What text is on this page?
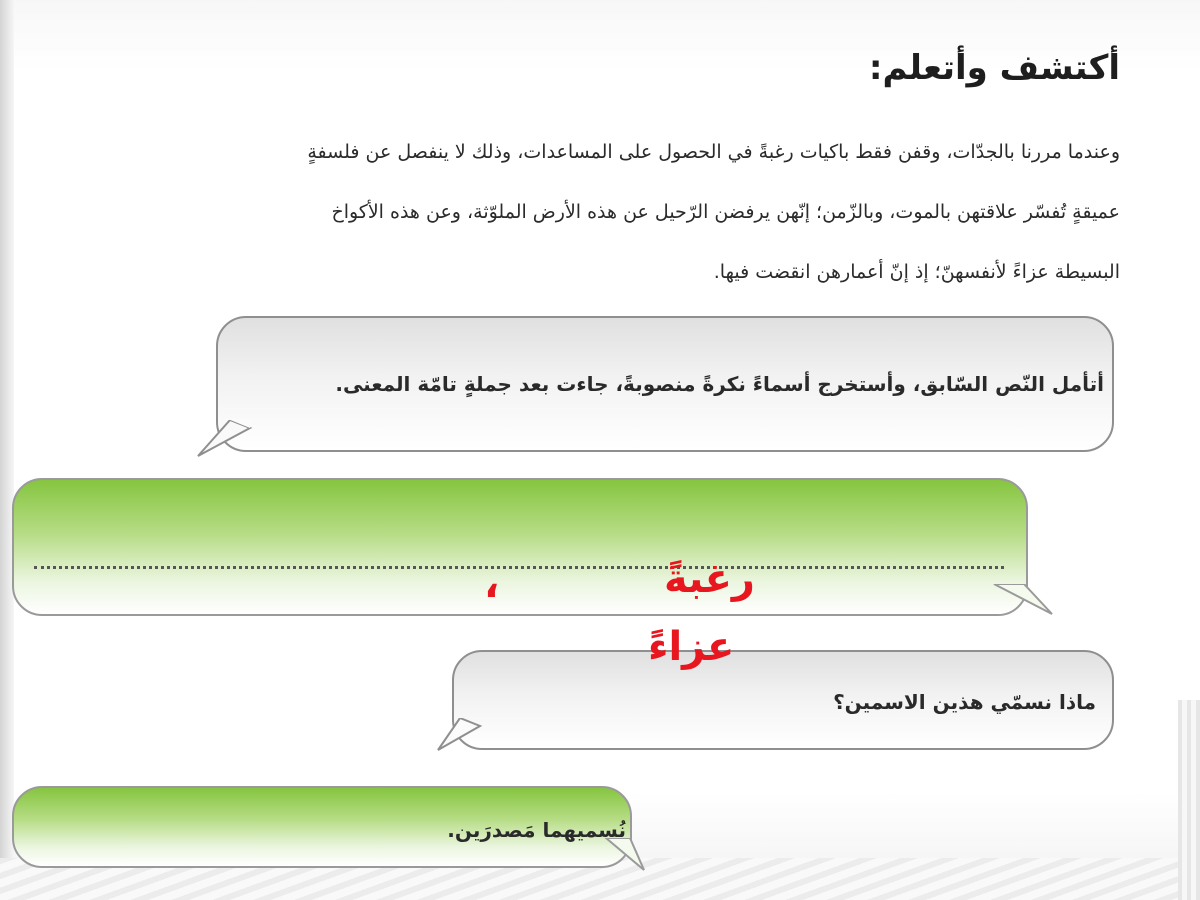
أكتشف وأتعلم:
وعندما مررنا بالجدّات، وقفن فقط باكيات رغبةً في الحصول على المساعدات، وذلك لا ينفصل عن فلسفةٍ
عميقةٍ تُفسّر علاقتهن بالموت، وبالزّمن؛ إنّهن يرفضن الرّحيل عن هذه الأرض الملوّثة، وعن هذه الأكواخ
البسيطة عزاءً لأنفسهنّ؛ إذ إنّ أعمارهن انقضت فيها.
أتأمل النّص السّابق، وأستخرج أسماءً نكرةً منصوبةً، جاءت بعد جملةٍ تامّة المعنى.
رغبةً
،
ماذا نسمّي هذين الاسمين؟
عزاءً
نُسميهما مَصدرَين.
